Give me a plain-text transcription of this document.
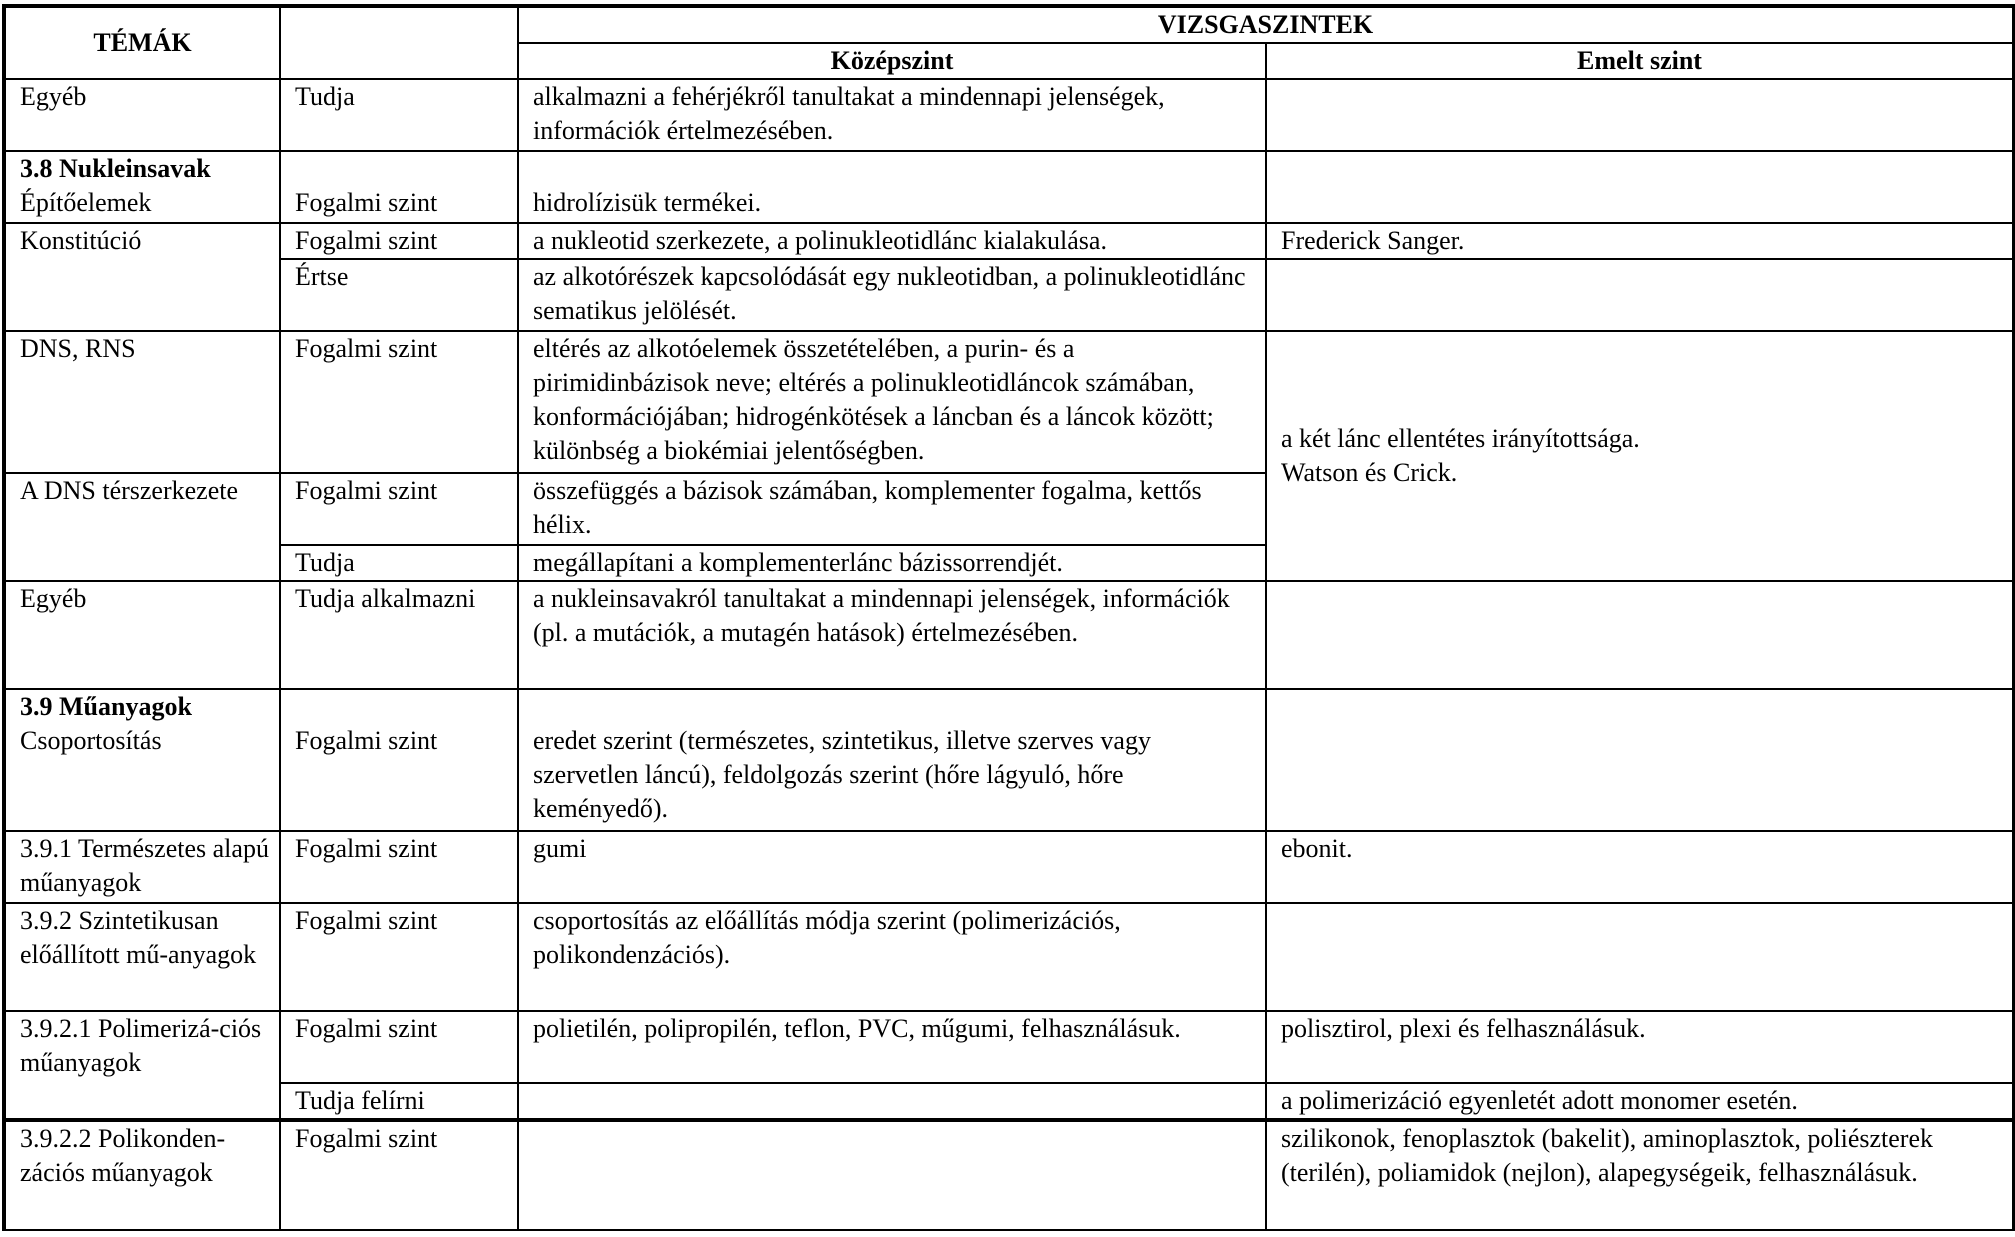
TÉMÁK		VIZSGASZINTEK	
		Középszint	Emelt szint
Egyéb	Tudja	alkalmazni a fehérjékről tanultakat a mindennapi jelenségek, információk értelmezésében.	

3.8 Nukleinsavak
Építőelemek	Fogalmi szint	hidrolízisük termékei.	

Konstitúció	Fogalmi szint	a nukleotid szerkezete, a polinukleotidlánc kialakulása.	Frederick Sanger.
	Értse	az alkotórészek kapcsolódását egy nukleotidban, a polinukleotidlánc sematikus jelölését.	
DNS, RNS	Fogalmi szint	eltérés az alkotóelemek összetételében, a purin- és a pirimidinbázisok neve; eltérés a polinukleotidláncok számában, konformációjában; hidrogénkötések a láncban és a láncok között; különbség a biokémiai jelentőségben.	a két lánc ellentétes irányítottsága.
Watson és Crick.

A DNS térszerkezete	Fogalmi szint	összefüggés a bázisok számában, komplementer fogalma, kettős hélix.	
	Tudja	megállapítani a komplementerlánc bázissorrendjét.	
Egyéb	Tudja alkalmazni	a nukleinsavakról tanultakat a mindennapi jelenségek, információk (pl. a mutációk, a mutagén hatások) értelmezésében.	

3.9 Műanyagok
Csoportosítás	Fogalmi szint	eredet szerint (természetes, szintetikus, illetve szerves vagy szervetlen láncú), feldolgozás szerint (hőre lágyuló, hőre keményedő).	

3.9.1 Természetes alapú műanyagok	Fogalmi szint	gumi	ebonit.
3.9.2 Szintetikusan előállított mű-anyagok	Fogalmi szint	csoportosítás az előállítás módja szerint (polimerizációs, polikondenzációs).	
3.9.2.1 Polimerizá-ciós műanyagok	Fogalmi szint	polietilén, polipropilén, teflon, PVC, műgumi, felhasználásuk.	polisztirol, plexi és felhasználásuk.
	Tudja felírni		a polimerizáció egyenletét adott monomer esetén.
3.9.2.2 Polikonden-zációs műanyagok	Fogalmi szint		szilikonok, fenoplasztok (bakelit), aminoplasztok, poliészterek (terilén), poliamidok (nejlon), alapegységeik, felhasználásuk.
